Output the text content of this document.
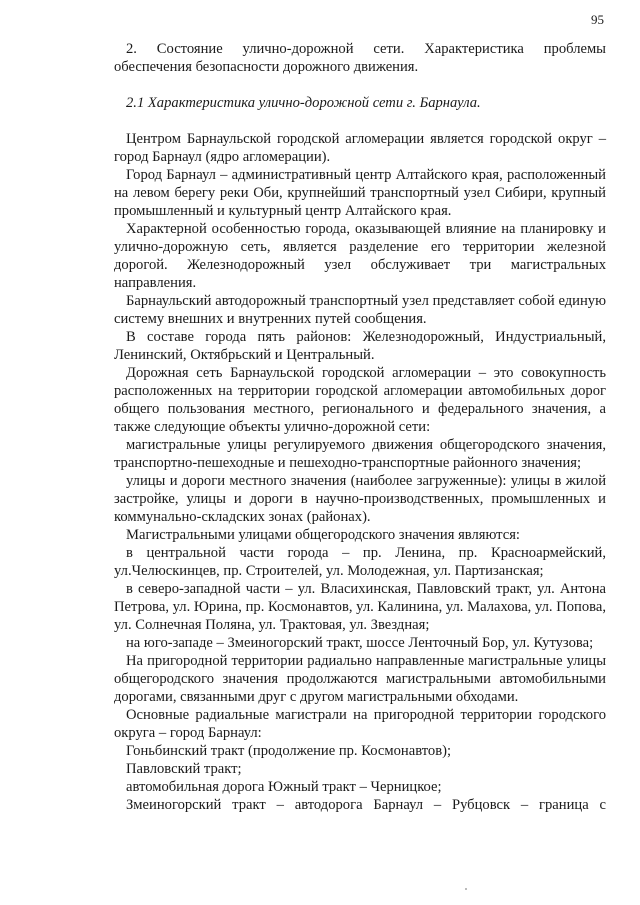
95

2. Состояние улично-дорожной сети. Характеристика проблемы обеспечения безопасности дорожного движения.

2.1 Характеристика улично-дорожной сети г. Барнаула.

Центром Барнаульской городской агломерации является городской округ – город Барнаул (ядро агломерации).

Город Барнаул – административный центр Алтайского края, расположенный на левом берегу реки Оби, крупнейший транспортный узел Сибири, крупный промышленный и культурный центр Алтайского края.

Характерной особенностью города, оказывающей влияние на планировку и улично-дорожную сеть, является разделение его территории железной дорогой. Железнодорожный узел обслуживает три магистральных направления.

Барнаульский автодорожный транспортный узел представляет собой единую систему внешних и внутренних путей сообщения.

В составе города пять районов: Железнодорожный, Индустриальный, Ленинский, Октябрьский и Центральный.

Дорожная сеть Барнаульской городской агломерации – это совокупность расположенных на территории городской агломерации автомобильных дорог общего пользования местного, регионального и федерального значения, а также следующие объекты улично-дорожной сети:

магистральные улицы регулируемого движения общегородского значения, транспортно-пешеходные и пешеходно-транспортные районного значения;

улицы и дороги местного значения (наиболее загруженные): улицы в жилой застройке, улицы и дороги в научно-производственных, промышленных и коммунально-складских зонах (районах).

Магистральными улицами общегородского значения являются:

в центральной части города – пр. Ленина, пр. Красноармейский, ул.Челюскинцев, пр. Строителей, ул. Молодежная, ул. Партизанская;

в северо-западной части – ул. Власихинская, Павловский тракт, ул. Антона Петрова, ул. Юрина, пр. Космонавтов, ул. Калинина, ул. Малахова, ул. Попова, ул. Солнечная Поляна, ул. Трактовая, ул. Звездная;

на юго-западе – Змеиногорский тракт, шоссе Ленточный Бор, ул. Кутузова;

На пригородной территории радиально направленные магистральные улицы общегородского значения продолжаются магистральными автомобильными дорогами, связанными друг с другом магистральными обходами.

Основные радиальные магистрали на пригородной территории городского округа – город Барнаул:

Гоньбинский тракт (продолжение пр. Космонавтов);

Павловский тракт;

автомобильная дорога Южный тракт – Черницкое;

Змеиногорский тракт – автодорога Барнаул – Рубцовск – граница с
